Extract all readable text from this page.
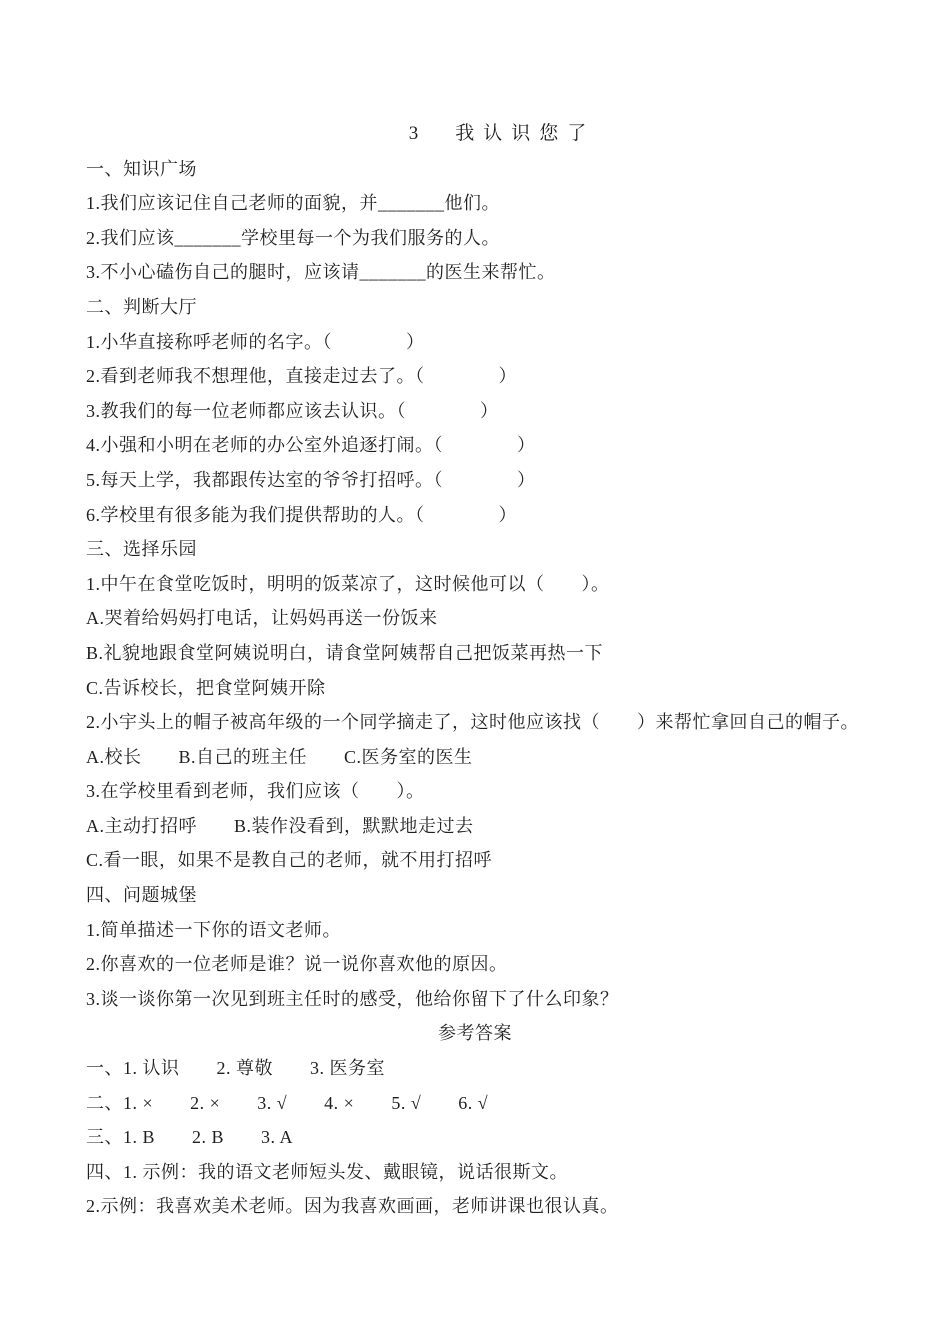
3　我认识您了
一、知识广场
1.我们应该记住自己老师的面貌，并_______他们。
2.我们应该_______学校里每一个为我们服务的人。
3.不小心磕伤自己的腿时，应该请_______的医生来帮忙。
二、判断大厅
1.小华直接称呼老师的名字。（　　　　）
2.看到老师我不想理他，直接走过去了。（　　　　）
3.教我们的每一位老师都应该去认识。（　　　　）
4.小强和小明在老师的办公室外追逐打闹。（　　　　）
5.每天上学，我都跟传达室的爷爷打招呼。（　　　　）
6.学校里有很多能为我们提供帮助的人。（　　　　）
三、选择乐园
1.中午在食堂吃饭时，明明的饭菜凉了，这时候他可以（　　）。
A.哭着给妈妈打电话，让妈妈再送一份饭来
B.礼貌地跟食堂阿姨说明白，请食堂阿姨帮自己把饭菜再热一下
C.告诉校长，把食堂阿姨开除
2.小宇头上的帽子被高年级的一个同学摘走了，这时他应该找（　　）来帮忙拿回自己的帽子。
A.校长　　B.自己的班主任　　C.医务室的医生
3.在学校里看到老师，我们应该（　　）。
A.主动打招呼　　B.装作没看到，默默地走过去
C.看一眼，如果不是教自己的老师，就不用打招呼
四、问题城堡
1.简单描述一下你的语文老师。
2.你喜欢的一位老师是谁？说一说你喜欢他的原因。
3.谈一谈你第一次见到班主任时的感受，他给你留下了什么印象？
参考答案
一、1. 认识　　2. 尊敬　　3. 医务室
二、1. ×　　2. ×　　3. √　　4. ×　　5. √　　6. √
三、1. B　　2. B　　3. A
四、1. 示例：我的语文老师短头发、戴眼镜，说话很斯文。
2.示例：我喜欢美术老师。因为我喜欢画画，老师讲课也很认真。
